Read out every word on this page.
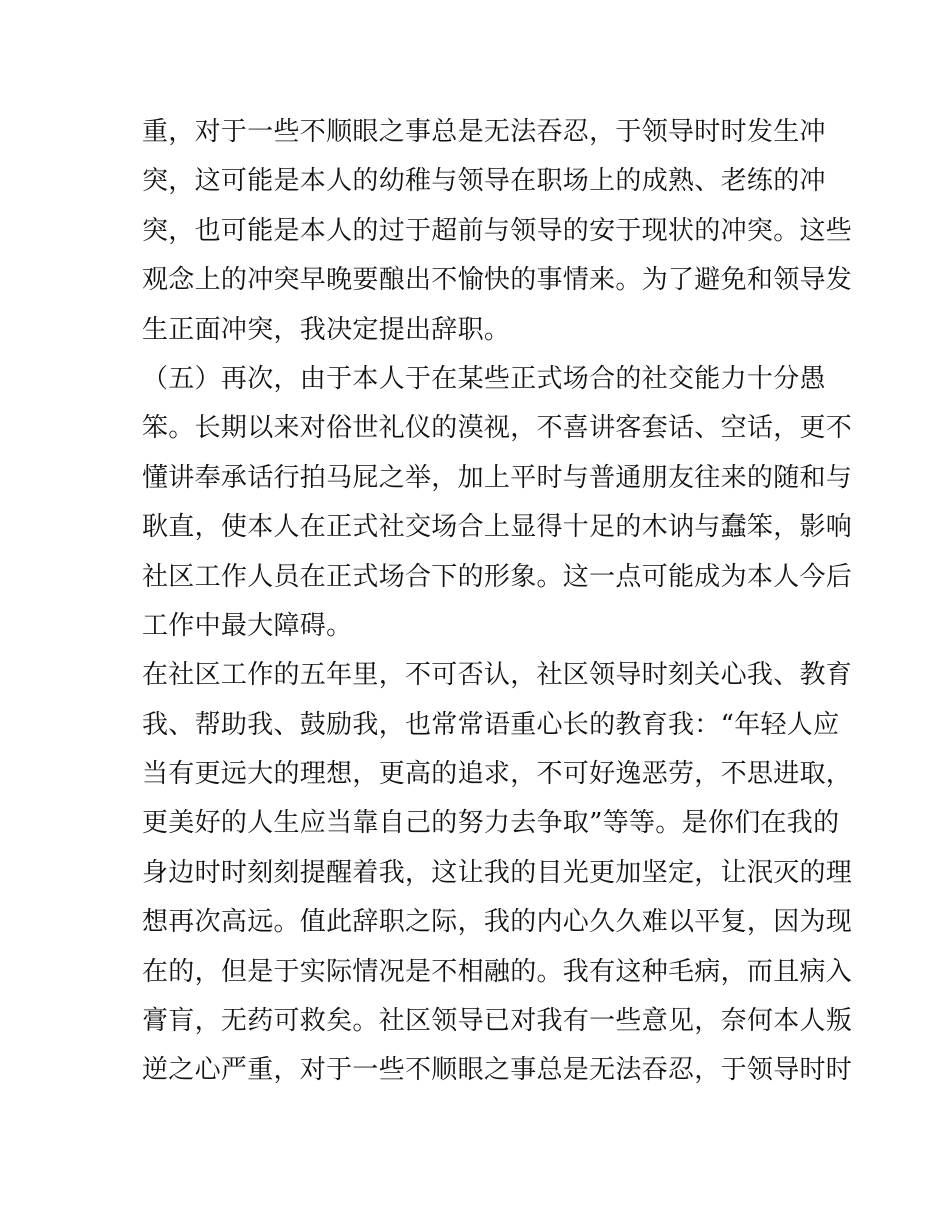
重，对于一些不顺眼之事总是无法吞忍，于领导时时发生冲
突，这可能是本人的幼稚与领导在职场上的成熟、老练的冲
突，也可能是本人的过于超前与领导的安于现状的冲突。这些
观念上的冲突早晚要酿出不愉快的事情来。为了避免和领导发
生正面冲突，我决定提出辞职。
（五）再次，由于本人于在某些正式场合的社交能力十分愚
笨。长期以来对俗世礼仪的漠视，不喜讲客套话、空话，更不
懂讲奉承话行拍马屁之举，加上平时与普通朋友往来的随和与
耿直，使本人在正式社交场合上显得十足的木讷与蠢笨，影响
社区工作人员在正式场合下的形象。这一点可能成为本人今后
工作中最大障碍。
在社区工作的五年里，不可否认，社区领导时刻关心我、教育
我、帮助我、鼓励我，也常常语重心长的教育我：“年轻人应
当有更远大的理想，更高的追求，不可好逸恶劳，不思进取，
更美好的人生应当靠自己的努力去争取”等等。是你们在我的
身边时时刻刻提醒着我，这让我的目光更加坚定，让泯灭的理
想再次高远。值此辞职之际，我的内心久久难以平复，因为现
在的，但是于实际情况是不相融的。我有这种毛病，而且病入
膏肓，无药可救矣。社区领导已对我有一些意见，奈何本人叛
逆之心严重，对于一些不顺眼之事总是无法吞忍，于领导时时
